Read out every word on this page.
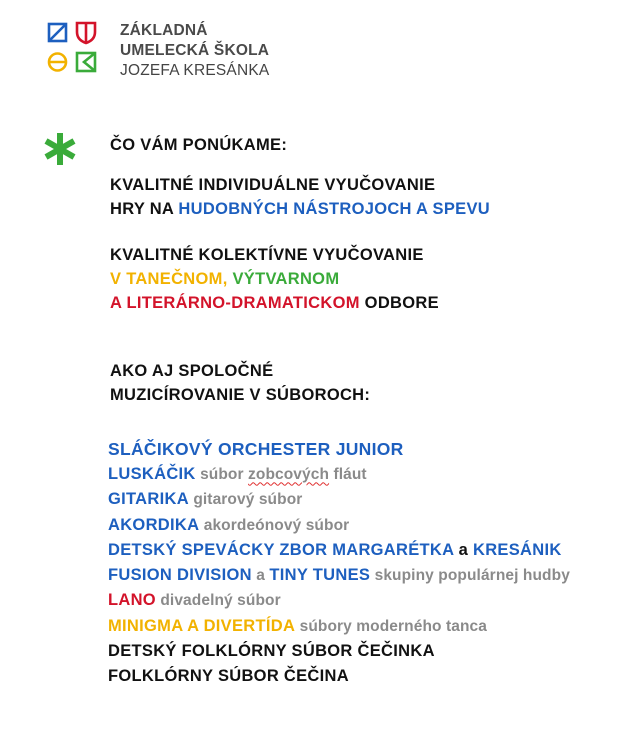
ZÁKLADNÁ
UMELECKÁ ŠKOLA
JOZEFA KRESÁNKA
ČO VÁM PONÚKAME:
KVALITNÉ INDIVIDUÁLNE VYUČOVANIE
HRY NA HUDOBNÝCH NÁSTROJOCH A SPEVU
KVALITNÉ KOLEKTÍVNE VYUČOVANIE
V TANEČNOM, VÝTVARNOM
A LITERÁRNO-DRAMATICKOM ODBORE
AKO AJ SPOLOČNÉ
MUZICÍROVANIE V SÚBOROCH:
SLÁČIKOVÝ ORCHESTER JUNIOR
LUSKÁČIK súbor zobcových fláut
GITARIKA gitarový súbor
AKORDIKA akordeónový súbor
DETSKÝ SPEVÁCKY ZBOR MARGARÉTKA a KRESÁNIK
FUSION DIVISION a TINY TUNES skupiny populárnej hudby
LANO divadelný súbor
MINIGMA A DIVERTÍDA súbory moderného tanca
DETSKÝ FOLKLÓRNY SÚBOR ČEČINKA
FOLKLÓRNY SÚBOR ČEČINA
